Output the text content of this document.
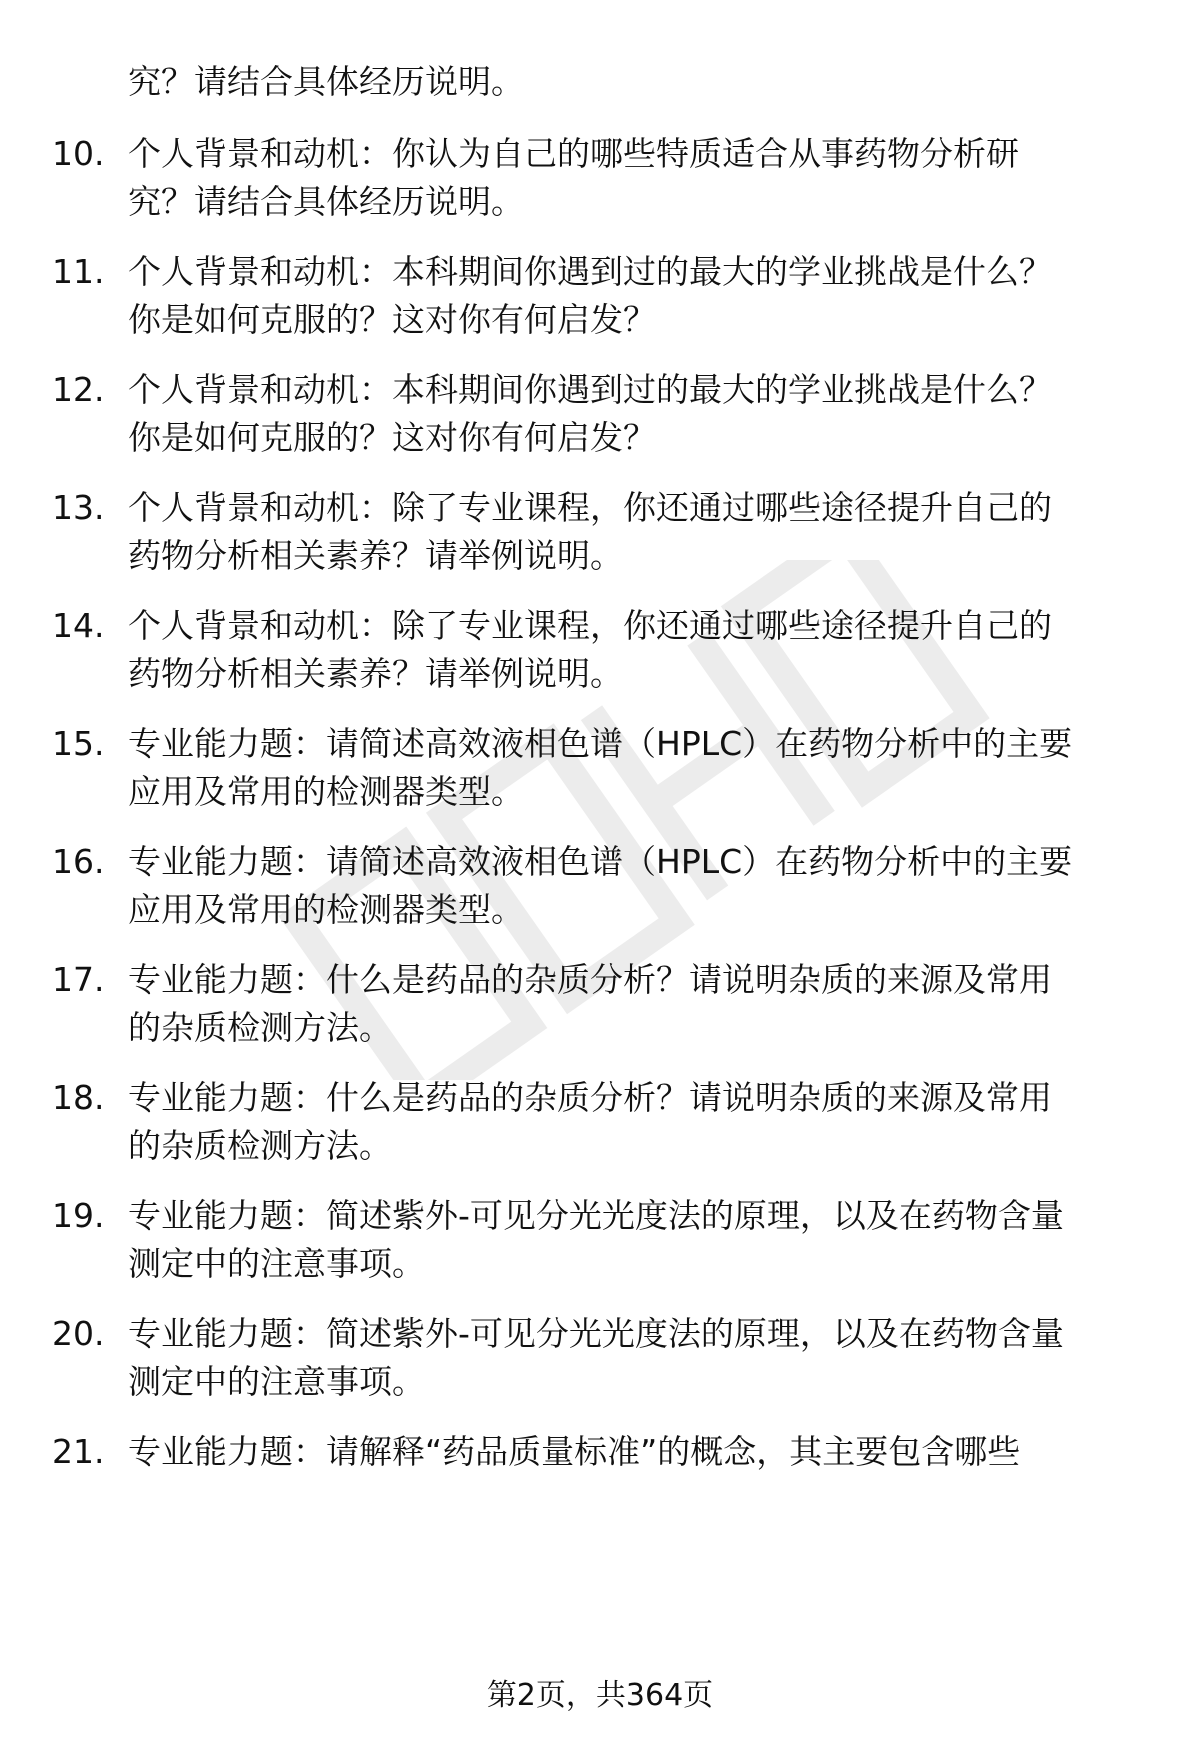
究？请结合具体经历说明。
10. 个人背景和动机：你认为自己的哪些特质适合从事药物分析研
究？请结合具体经历说明。
11. 个人背景和动机：本科期间你遇到过的最大的学业挑战是什么？
你是如何克服的？这对你有何启发？
12. 个人背景和动机：本科期间你遇到过的最大的学业挑战是什么？
你是如何克服的？这对你有何启发？
13. 个人背景和动机：除了专业课程，你还通过哪些途径提升自己的
药物分析相关素养？请举例说明。
14. 个人背景和动机：除了专业课程，你还通过哪些途径提升自己的
药物分析相关素养？请举例说明。
15. 专业能力题：请简述高效液相色谱（HPLC）在药物分析中的主要
应用及常用的检测器类型。
16. 专业能力题：请简述高效液相色谱（HPLC）在药物分析中的主要
应用及常用的检测器类型。
17. 专业能力题：什么是药品的杂质分析？请说明杂质的来源及常用
的杂质检测方法。
18. 专业能力题：什么是药品的杂质分析？请说明杂质的来源及常用
的杂质检测方法。
19. 专业能力题：简述紫外-可见分光光度法的原理，以及在药物含量
测定中的注意事项。
20. 专业能力题：简述紫外-可见分光光度法的原理，以及在药物含量
测定中的注意事项。
21. 专业能力题：请解释“药品质量标准”的概念，其主要包含哪些
第2页，共364页
